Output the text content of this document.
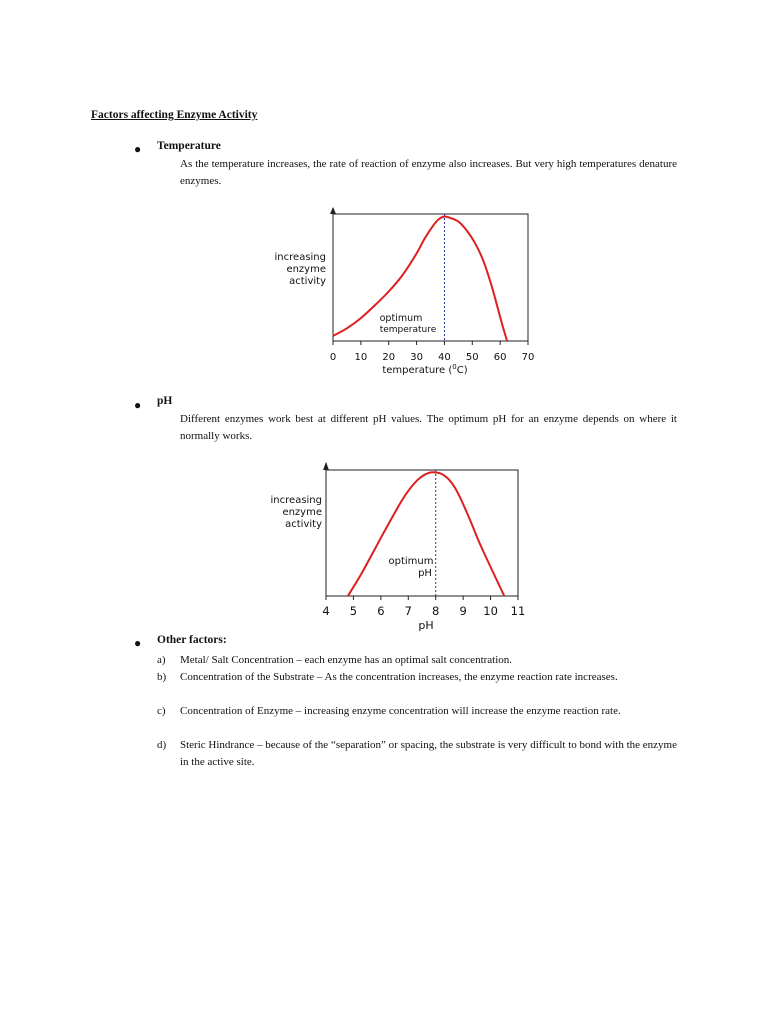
Factors affecting Enzyme Activity
● Temperature
As the temperature increases, the rate of reaction of enzyme also increases. But very high temperatures denature enzymes.
increasing
enzyme
activity
0 10 20 30 40 50 60 70
optimum
temperature
temperature ($^0$C)
● pH
Different enzymes work best at different pH values. The optimum pH for an enzyme depends on where it normally works.
increasing
enzyme
activity
4 5 6 7 8 9 10 11
optimum
pH
pH
● Other factors:
a)	Metal/ Salt Concentration – each enzyme has an optimal salt concentration.
b)	Concentration of the Substrate – As the concentration increases, the enzyme reaction rate increases.
c)	Concentration of Enzyme – increasing enzyme concentration will increase the enzyme reaction rate.
d)	Steric Hindrance – because of the “separation” or spacing, the substrate is very difficult to bond with the enzyme in the active site.
